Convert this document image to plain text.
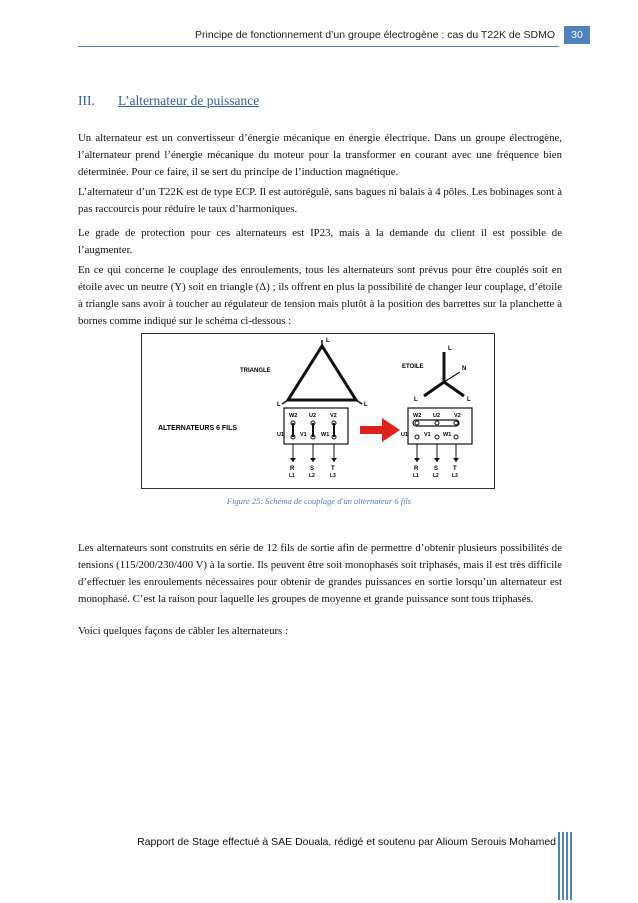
Principe de fonctionnement d’un groupe électrogène : cas du T22K de SDMO	30
III. L’alternateur de puissance

Un alternateur est un convertisseur d’énergie mécanique en énergie électrique. Dans un groupe électrogène, l’alternateur prend l’énergie mécanique du moteur pour la transformer en courant avec une fréquence bien déterminée. Pour ce faire, il se sert du principe de l’induction magnétique.

L’alternateur d’un T22K est de type ECP. Il est autorégulé, sans bagues ni balais à 4 pôles. Les bobinages sont à pas raccourcis pour réduire le taux d’harmoniques.

Le grade de protection pour ces alternateurs est IP23, mais à la demande du client il est possible de l’augmenter.

En ce qui concerne le couplage des enroulements, tous les alternateurs sont prévus pour être couplés soit en étoile avec un neutre (Y) soit en triangle (Δ) ; ils offrent en plus la possibilité de changer leur couplage, d’étoile à triangle sans avoir à toucher au régulateur de tension mais plutôt à la position des barrettes sur la planchette à bornes comme indiqué sur le schéma ci-dessous :

L
L	L
TRIANGLE
L
N
L	L
ETOILE
W2 U2	V2
U1	V1	W1
R	S	T
L1	L2	L3
ALTERNATEURS 6 FILS
W2 U2	V2
U1	V1 W1
R	S T
L1	L2	L3
Figure 25: Schéma de couplage d'un alternateur 6 fils

Les alternateurs sont construits en série de 12 fils de sortie afin de permettre d’obtenir plusieurs possibilités de tensions (115/200/230/400 V) à la sortie. Ils peuvent être soit monophasés soit triphasés, mais il est très difficile d’effectuer les enroulements nécessaires pour obtenir de grandes puissances en sortie lorsqu’un alternateur est monophasé. C’est la raison pour laquelle les groupes de moyenne et grande puissance sont tous triphasés.

Voici quelques façons de câbler les alternateurs :

Rapport de Stage effectué à SAE Douala, rédigé et soutenu par Alioum Serouis Mohamed
